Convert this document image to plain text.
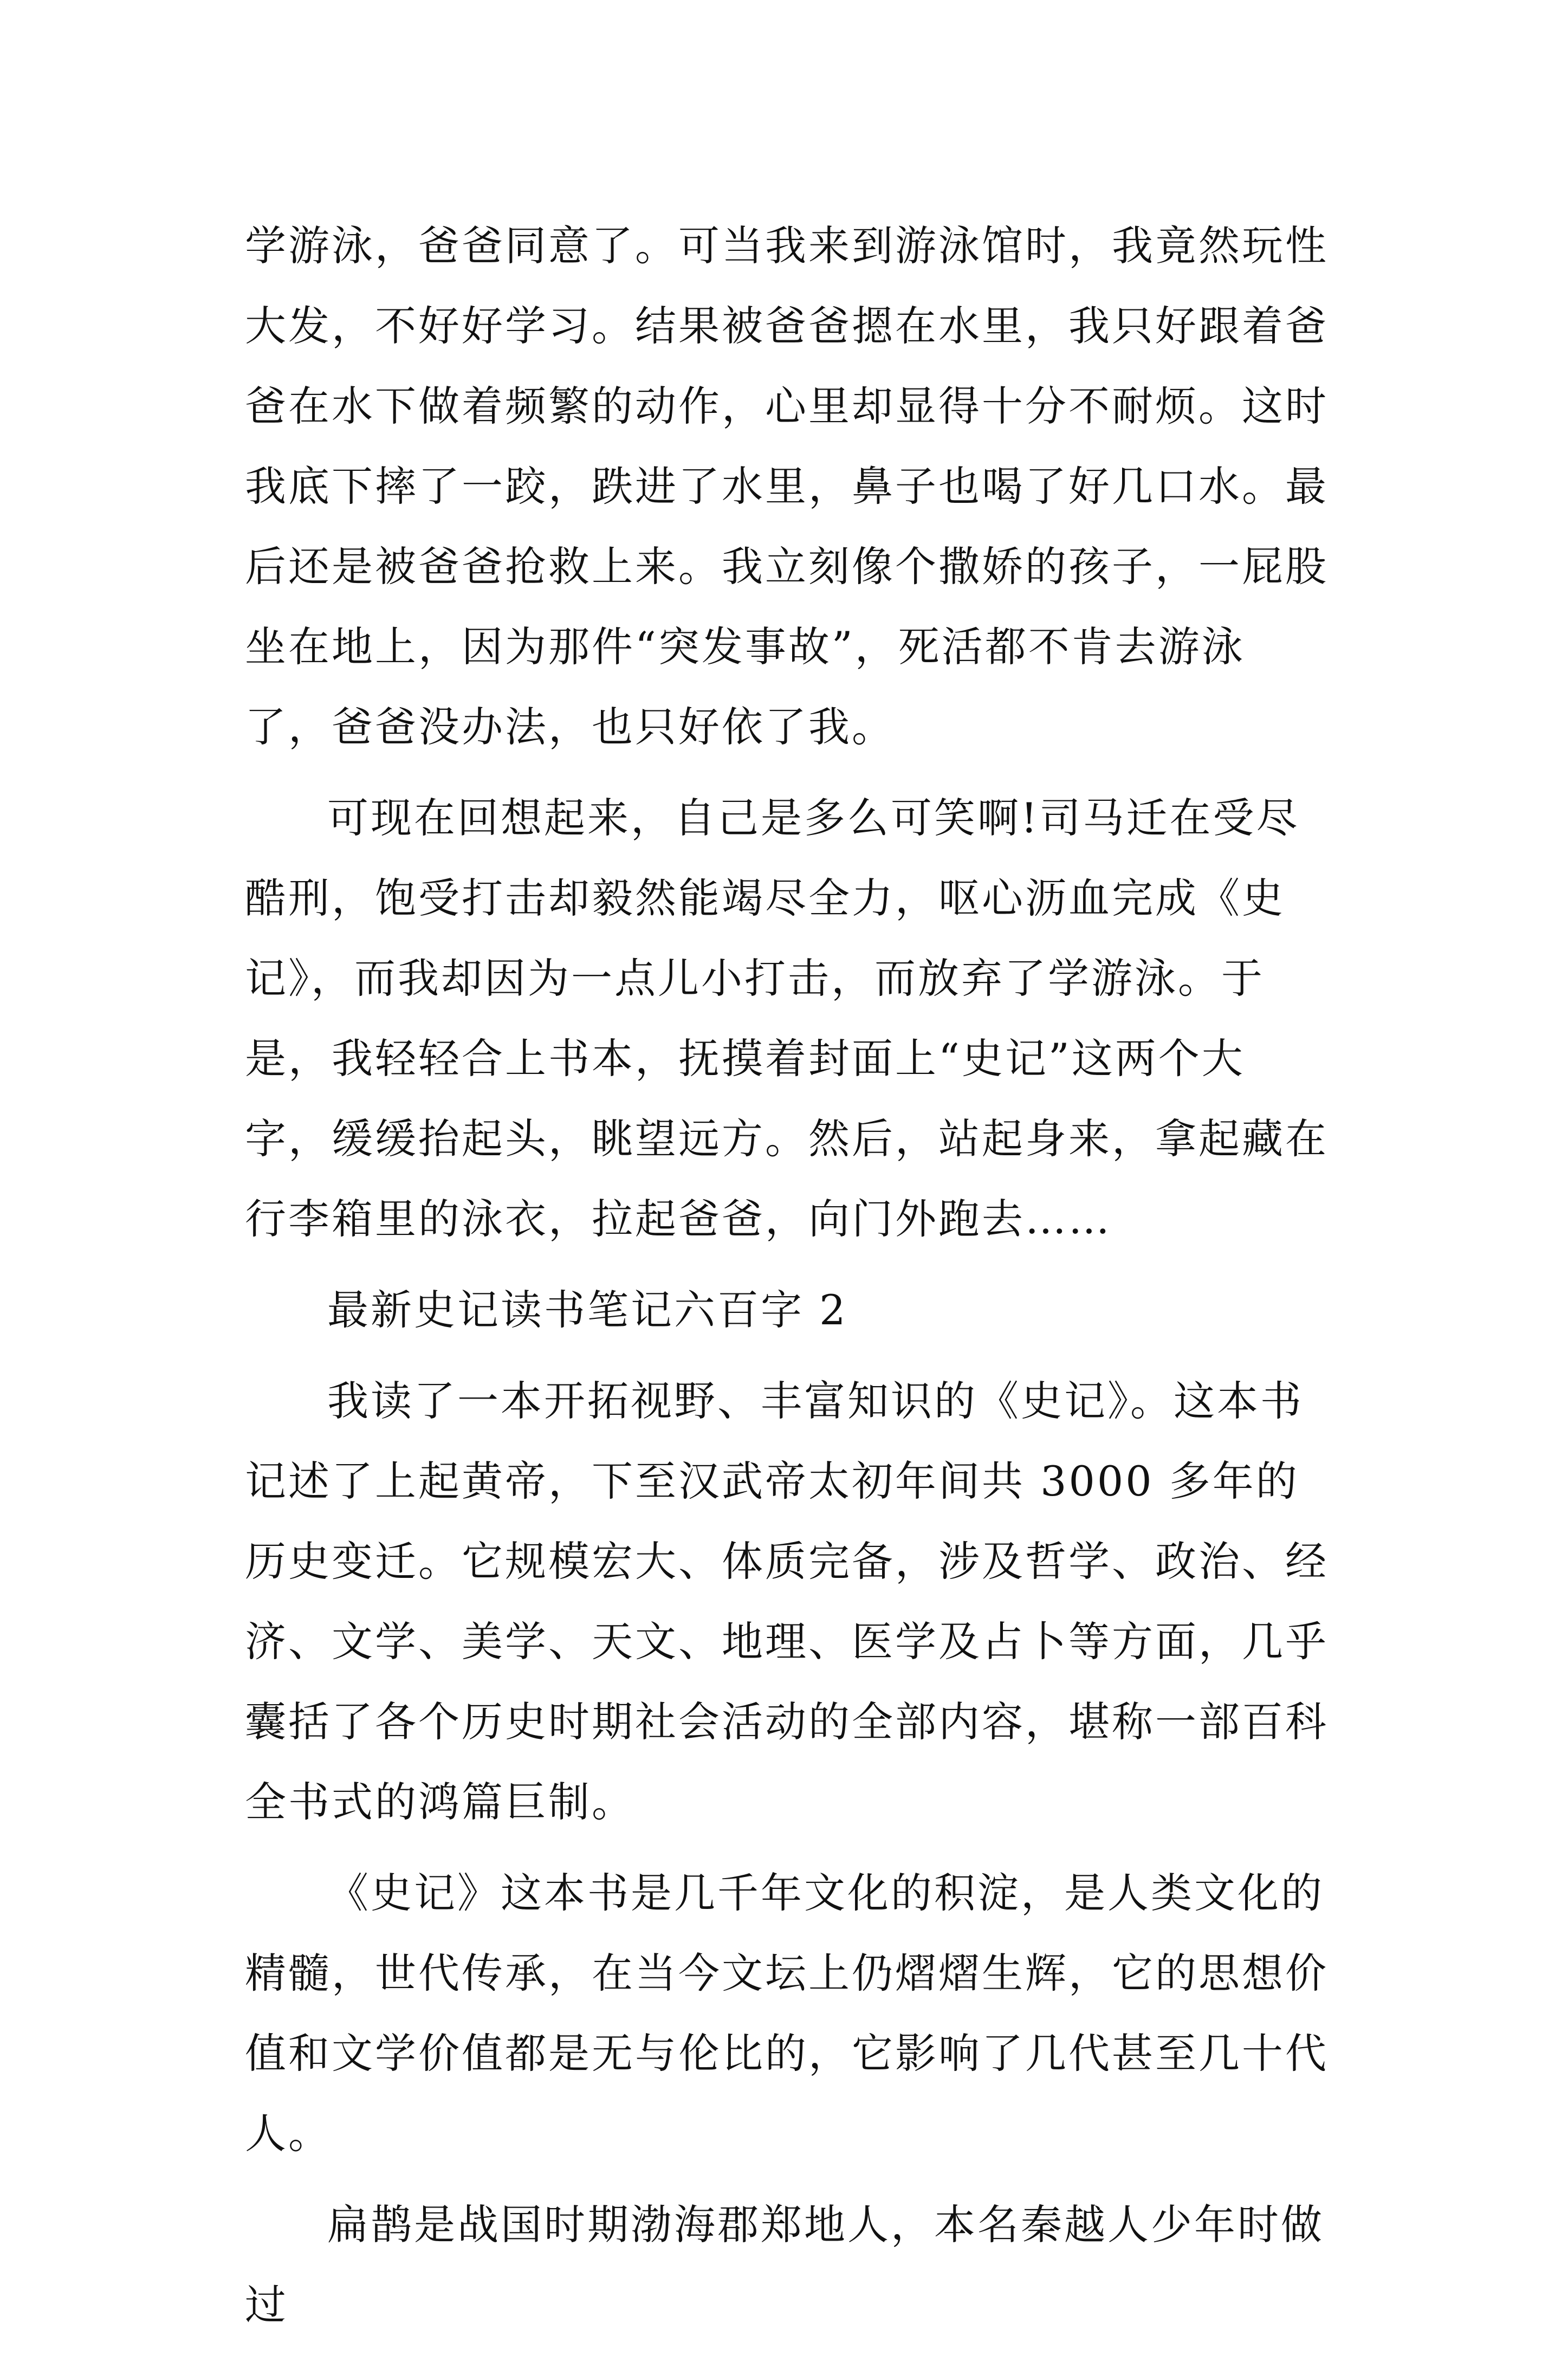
学游泳，爸爸同意了。可当我来到游泳馆时，我竟然玩性大发，不好好学习。结果被爸爸摁在水里，我只好跟着爸爸在水下做着频繁的动作，心里却显得十分不耐烦。这时我底下摔了一跤，跌进了水里，鼻子也喝了好几口水。最后还是被爸爸抢救上来。我立刻像个撒娇的孩子，一屁股坐在地上，因为那件“突发事故”，死活都不肯去游泳了，爸爸没办法，也只好依了我。

可现在回想起来，自己是多么可笑啊!司马迁在受尽酷刑，饱受打击却毅然能竭尽全力，呕心沥血完成《史记》，而我却因为一点儿小打击，而放弃了学游泳。于是，我轻轻合上书本，抚摸着封面上“史记”这两个大字，缓缓抬起头，眺望远方。然后，站起身来，拿起藏在行李箱里的泳衣，拉起爸爸，向门外跑去……

最新史记读书笔记六百字 2

我读了一本开拓视野、丰富知识的《史记》。这本书记述了上起黄帝，下至汉武帝太初年间共 3000 多年的历史变迁。它规模宏大、体质完备，涉及哲学、政治、经济、文学、美学、天文、地理、医学及占卜等方面，几乎囊括了各个历史时期社会活动的全部内容，堪称一部百科全书式的鸿篇巨制。

《史记》这本书是几千年文化的积淀，是人类文化的精髓，世代传承，在当今文坛上仍熠熠生辉，它的思想价值和文学价值都是无与伦比的，它影响了几代甚至几十代人。

扁鹊是战国时期渤海郡郑地人，本名秦越人少年时做过
